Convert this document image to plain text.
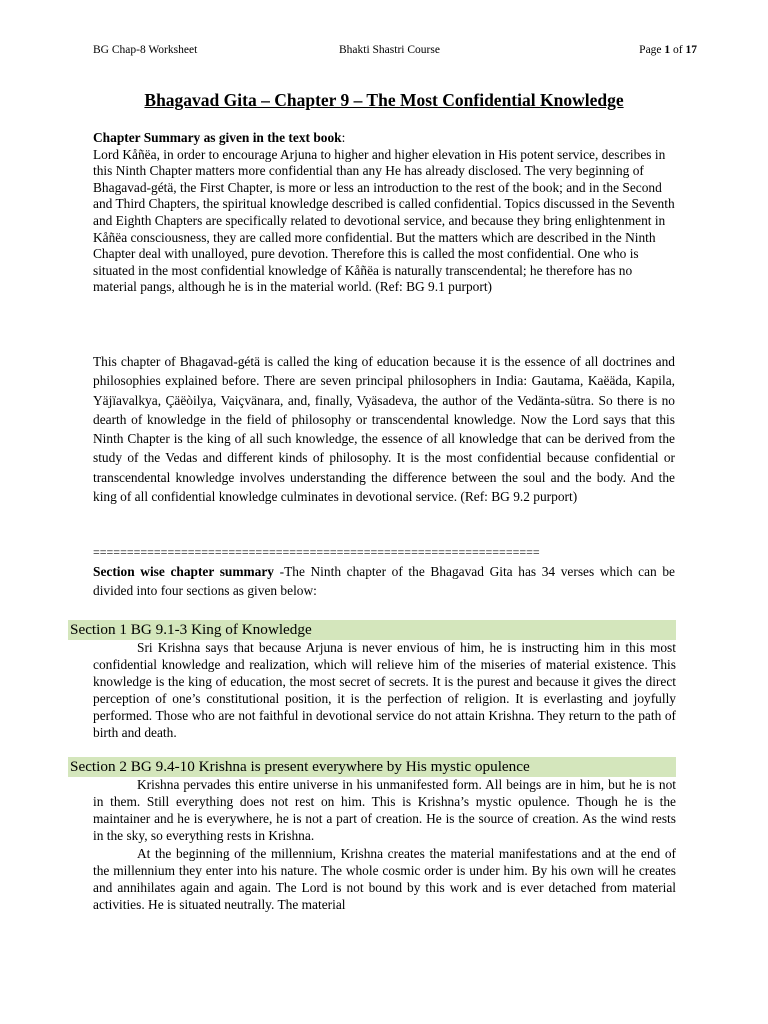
BG Chap-8 Worksheet	Bhakti Shastri Course	Page 1 of 17
Bhagavad Gita – Chapter 9 – The Most Confidential Knowledge
Chapter Summary as given in the text book:

Lord Kåñëa, in order to encourage Arjuna to higher and higher elevation in His potent service, describes in this Ninth Chapter matters more confidential than any He has already disclosed. The very beginning of Bhagavad-gétä, the First Chapter, is more or less an introduction to the rest of the book; and in the Second and Third Chapters, the spiritual knowledge described is called confidential. Topics discussed in the Seventh and Eighth Chapters are specifically related to devotional service, and because they bring enlightenment in Kåñëa consciousness, they are called more confidential. But the matters which are described in the Ninth Chapter deal with unalloyed, pure devotion. Therefore this is called the most confidential. One who is situated in the most confidential knowledge of Kåñëa is naturally transcendental; he therefore has no material pangs, although he is in the material world. (Ref: BG 9.1 purport)

This chapter of Bhagavad-gétä is called the king of education because it is the essence of all doctrines and philosophies explained before. There are seven principal philosophers in India: Gautama, Kaëäda, Kapila, Yäjïavalkya, Çäëòilya, Vaiçvänara, and, finally, Vyäsadeva, the author of the Vedänta-sütra. So there is no dearth of knowledge in the field of philosophy or transcendental knowledge. Now the Lord says that this Ninth Chapter is the king of all such knowledge, the essence of all knowledge that can be derived from the study of the Vedas and different kinds of philosophy. It is the most confidential because confidential or transcendental knowledge involves understanding the difference between the soul and the body. And the king of all confidential knowledge culminates in devotional service. (Ref: BG 9.2 purport)

==================================================================

Section wise chapter summary -The Ninth chapter of the Bhagavad Gita has 34 verses which can be divided into four sections as given below:

Section 1 BG 9.1-3 King of Knowledge

Sri Krishna says that because Arjuna is never envious of him, he is instructing him in this most confidential knowledge and realization, which will relieve him of the miseries of material existence. This knowledge is the king of education, the most secret of secrets. It is the purest and because it gives the direct perception of one’s constitutional position, it is the perfection of religion. It is everlasting and joyfully performed. Those who are not faithful in devotional service do not attain Krishna. They return to the path of birth and death.

Section 2 BG 9.4-10 Krishna is present everywhere by His mystic opulence

Krishna pervades this entire universe in his unmanifested form. All beings are in him, but he is not in them. Still everything does not rest on him. This is Krishna’s mystic opulence. Though he is the maintainer and he is everywhere, he is not a part of creation. He is the source of creation. As the wind rests in the sky, so everything rests in Krishna.

At the beginning of the millennium, Krishna creates the material manifestations and at the end of the millennium they enter into his nature. The whole cosmic order is under him. By his own will he creates and annihilates again and again. The Lord is not bound by this work and is ever detached from material activities. He is situated neutrally. The material
